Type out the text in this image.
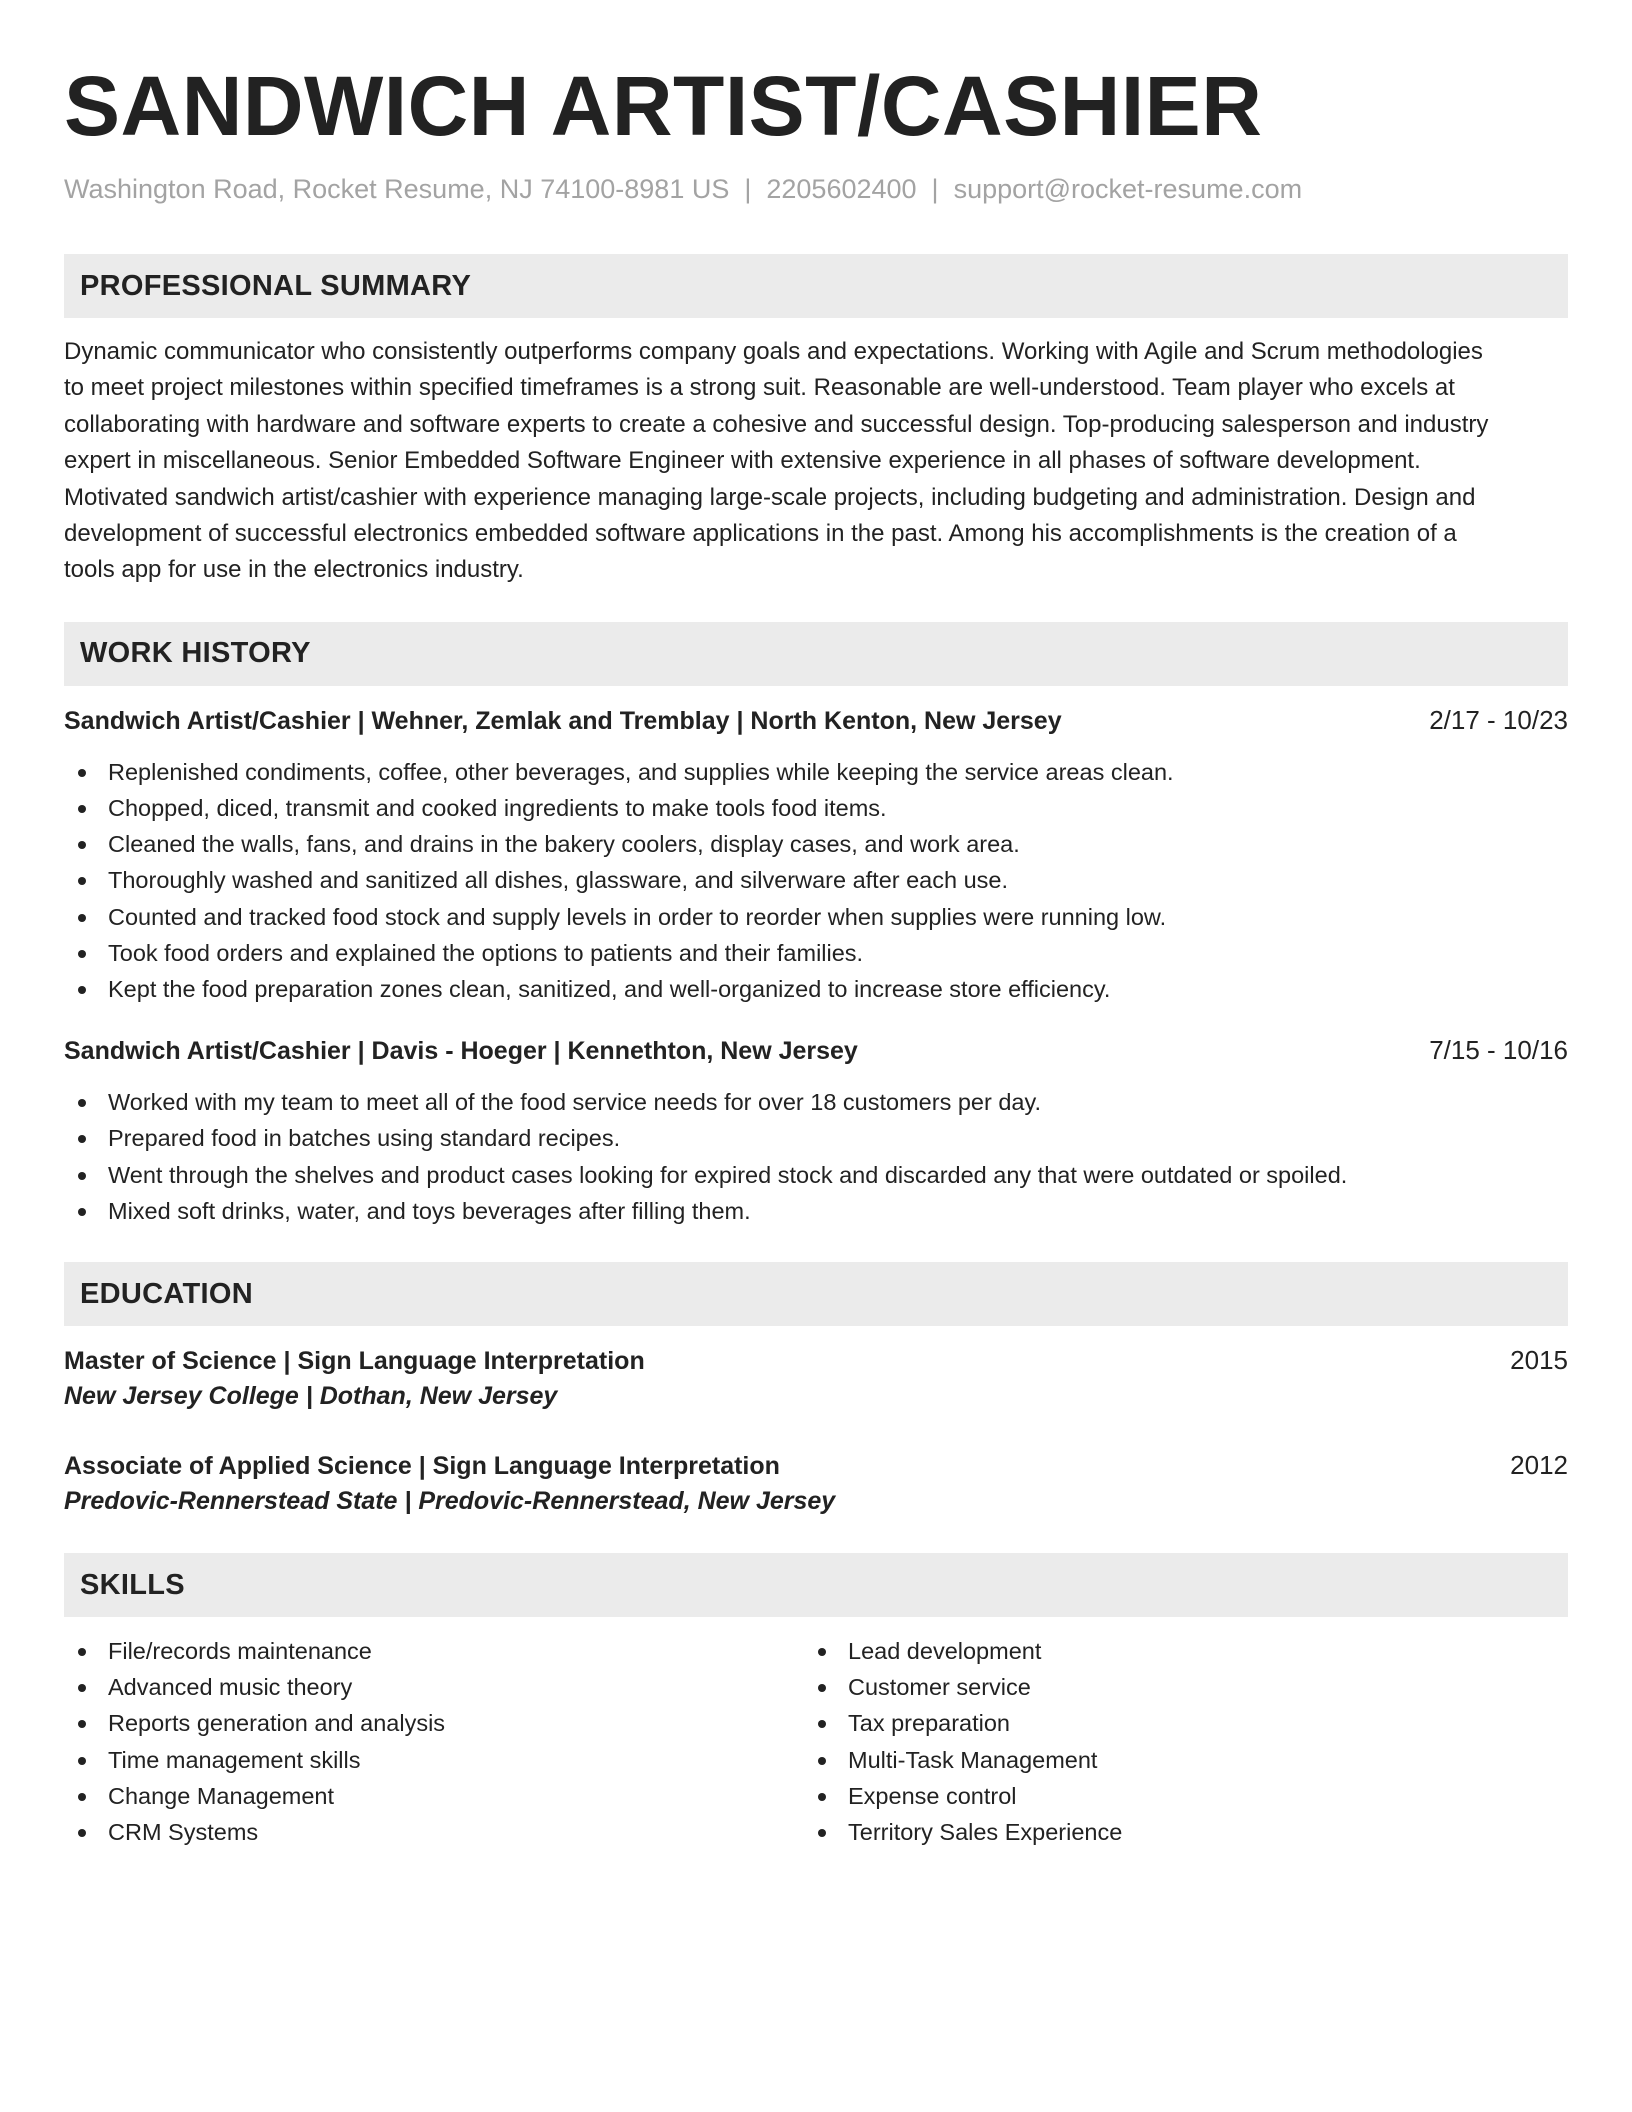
SANDWICH ARTIST/CASHIER
Washington Road, Rocket Resume, NJ 74100-8981 US | 2205602400 | support@rocket-resume.com
PROFESSIONAL SUMMARY
Dynamic communicator who consistently outperforms company goals and expectations. Working with Agile and Scrum methodologies
to meet project milestones within specified timeframes is a strong suit. Reasonable are well-understood. Team player who excels at
collaborating with hardware and software experts to create a cohesive and successful design. Top-producing salesperson and industry
expert in miscellaneous. Senior Embedded Software Engineer with extensive experience in all phases of software development.
Motivated sandwich artist/cashier with experience managing large-scale projects, including budgeting and administration. Design and
development of successful electronics embedded software applications in the past. Among his accomplishments is the creation of a
tools app for use in the electronics industry.
WORK HISTORY
Sandwich Artist/Cashier | Wehner, Zemlak and Tremblay | North Kenton, New Jersey	2/17 - 10/23
Replenished condiments, coffee, other beverages, and supplies while keeping the service areas clean.
Chopped, diced, transmit and cooked ingredients to make tools food items.
Cleaned the walls, fans, and drains in the bakery coolers, display cases, and work area.
Thoroughly washed and sanitized all dishes, glassware, and silverware after each use.
Counted and tracked food stock and supply levels in order to reorder when supplies were running low.
Took food orders and explained the options to patients and their families.
Kept the food preparation zones clean, sanitized, and well-organized to increase store efficiency.
Sandwich Artist/Cashier | Davis - Hoeger | Kennethton, New Jersey	7/15 - 10/16
Worked with my team to meet all of the food service needs for over 18 customers per day.
Prepared food in batches using standard recipes.
Went through the shelves and product cases looking for expired stock and discarded any that were outdated or spoiled.
Mixed soft drinks, water, and toys beverages after filling them.
EDUCATION
Master of Science | Sign Language Interpretation	2015
New Jersey College | Dothan, New Jersey
Associate of Applied Science | Sign Language Interpretation	2012
Predovic-Rennerstead State | Predovic-Rennerstead, New Jersey
SKILLS
File/records maintenance
Advanced music theory
Reports generation and analysis
Time management skills
Change Management
CRM Systems
Lead development
Customer service
Tax preparation
Multi-Task Management
Expense control
Territory Sales Experience
